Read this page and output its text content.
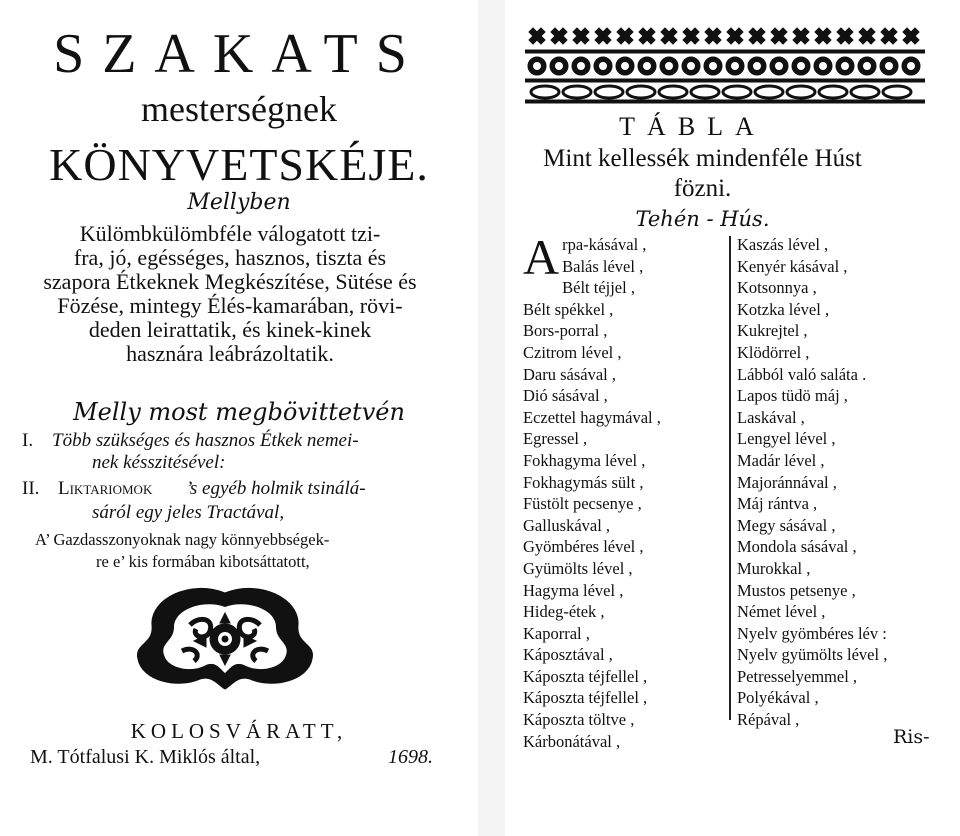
SZAKATS
mesterségnek
KÖNYVETSKÉJE.
Mellyben
Külömbkülömbféle válogatott tzi-
fra, jó, egésséges, hasznos, tiszta és
szapora Étkeknek Megkészítése, Sütése és
Fözése, mintegy Élés-kamarában, rövi-
deden leirattatik, és kinek-kinek
hasznára leábrázoltatik.
Melly most megbövittetvén
I. Több szükséges és hasznos Étkek nemei-
nek késszitésével:
II. Liktariomok ’s egyéb holmik tsinálá-
sáról egy jeles Tractával,
A’ Gazdasszonyoknak nagy könnyebbségek-
re e’ kis formában kibotsáttatott,
KOLOSVÁRATT,
M. Tótfalusi K. Miklós által,	1698.
TÁBLA
Mint kellessék mindenféle Húst
fözni.
Tehén - Hús.
A rpa-kásával ,
Balás lével ,
Bélt téjjel ,
Bélt spékkel ,
Bors-porral ,
Czitrom lével ,
Daru sásával ,
Dió sásával ,
Eczettel hagymával ,
Egressel ,
Fokhagyma lével ,
Fokhagymás sült ,
Füstölt pecsenye ,
Galluskával ,
Gyömbéres lével ,
Gyümölts lével ,
Hagyma lével ,
Hideg-étek ,
Kaporral ,
Káposztával ,
Káposzta téjfellel ,
Káposzta téjfellel ,
Káposzta töltve ,
Kárbonátával ,
Kaszás lével ,
Kenyér kásával ,
Kotsonnya ,
Kotzka lével ,
Kukrejtel ,
Klödörrel ,
Lábból való saláta .
Lapos tüdö máj ,
Laskával ,
Lengyel lével ,
Madár lével ,
Majoránnával ,
Máj rántva ,
Megy sásával ,
Mondola sásával ,
Murokkal ,
Mustos petsenye ,
Német lével ,
Nyelv gyömbéres lév :
Nyelv gyümölts lével ,
Petresselyemmel ,
Polyékával ,
Répával ,
Ris-
